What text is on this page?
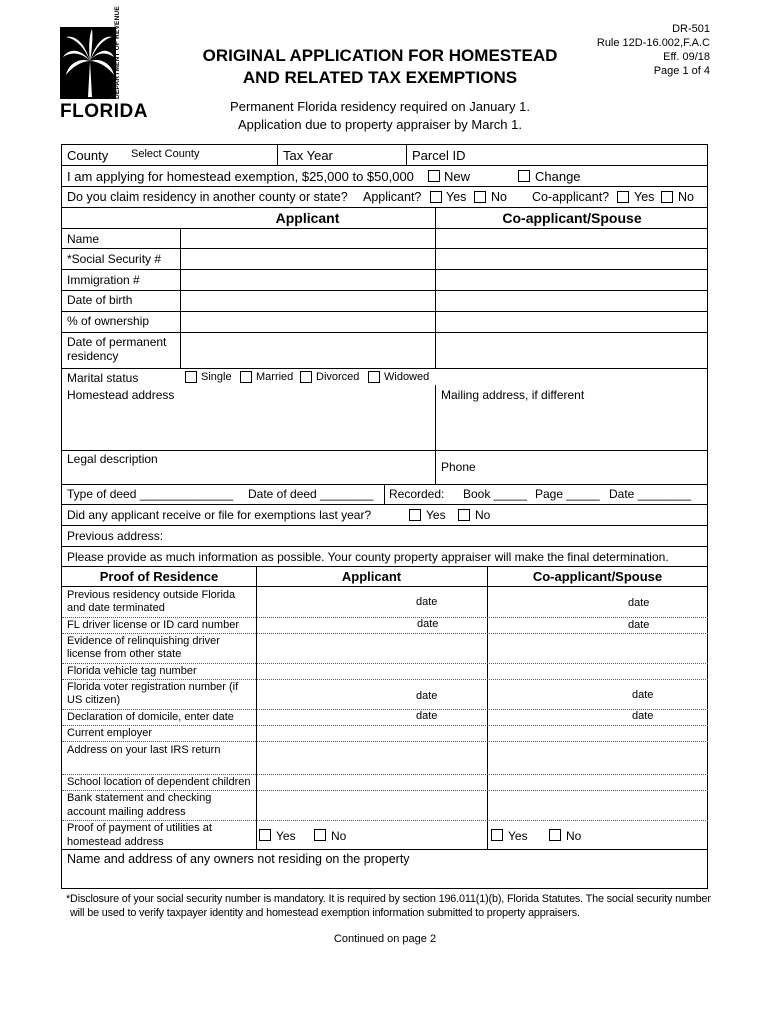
DEPARTMENT OF REVENUE
FLORIDA
ORIGINAL APPLICATION FOR HOMESTEAD
AND RELATED TAX EXEMPTIONS
Permanent Florida residency required on January 1.
Application due to property appraiser by March 1.
DR-501
Rule 12D-16.002,F.A.C
Eff. 09/18
Page 1 of 4
County Select County	Tax Year	Parcel ID
I am applying for homestead exemption, $25,000 to $50,000 New	Change
Do you claim residency in another county or state? Applicant? Yes No Co-applicant? Yes No
Applicant	Co-applicant/Spouse
Name
*Social Security #
Immigration #
Date of birth
% of ownership
Date of permanent
residency
Marital status	Single Married Divorced Widowed
Homestead address	Mailing address, if different
Legal description
Phone
Type of deed ______________ Date of deed ________ Recorded: Book _____ Page _____ Date ________
Did any applicant receive or file for exemptions last year?	Yes No
Previous address:
Please provide as much information as possible. Your county property appraiser will make the final determination.
Proof of Residence	Applicant	Co-applicant/Spouse
Previous residency outside Florida
and date terminated	date	date
FL driver license or ID card number	date	date
Evidence of relinquishing driver
license from other state
Florida vehicle tag number
Florida voter registration number (if
US citizen)	date	date
Declaration of domicile, enter date	date	date
Current employer
Address on your last IRS return
School location of dependent children
Bank statement and checking
account mailing address
Proof of payment of utilities at
homestead address	Yes	No	Yes	No
Name and address of any owners not residing on the property
*Disclosure of your social security number is mandatory. It is required by section 196.011(1)(b), Florida Statutes. The social security number
will be used to verify taxpayer identity and homestead exemption information submitted to property appraisers.
Continued on page 2
